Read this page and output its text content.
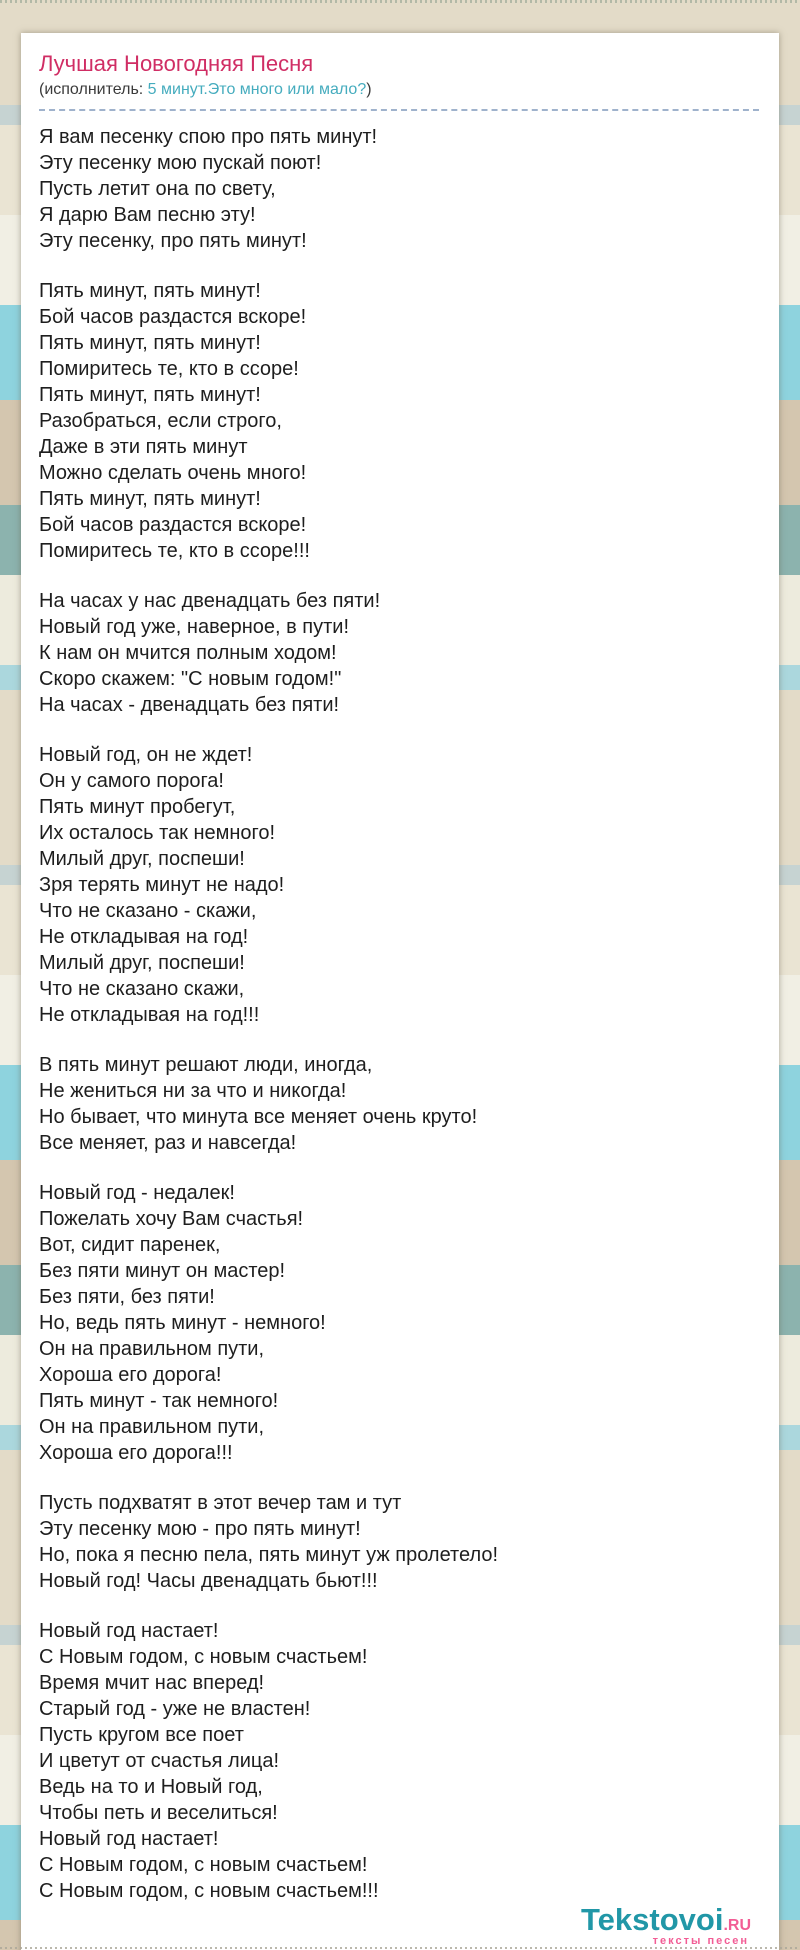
Лучшая Новогодняя Песня
(исполнитель: 5 минут.Это много или мало?)
Я вам песенку спою про пять минут!
Эту песенку мою пускай поют!
Пусть летит она по свету,
Я дарю Вам песню эту!
Эту песенку, про пять минут!
Пять минут, пять минут!
Бой часов раздастся вскоре!
Пять минут, пять минут!
Помиритесь те, кто в ссоре!
Пять минут, пять минут!
Разобраться, если строго,
Даже в эти пять минут
Можно сделать очень много!
Пять минут, пять минут!
Бой часов раздастся вскоре!
Помиритесь те, кто в ссоре!!!
На часах у нас двенадцать без пяти!
Новый год уже, наверное, в пути!
К нам он мчится полным ходом!
Скоро скажем: "С новым годом!"
На часах - двенадцать без пяти!
Новый год, он не ждет!
Он у самого порога!
Пять минут пробегут,
Их осталось так немного!
Милый друг, поспеши!
Зря терять минут не надо!
Что не сказано - скажи,
Не откладывая на год!
Милый друг, поспеши!
Что не сказано скажи,
Не откладывая на год!!!
В пять минут решают люди, иногда,
Не жениться ни за что и никогда!
Но бывает, что минута все меняет очень круто!
Все меняет, раз и навсегда!
Новый год - недалек!
Пожелать хочу Вам счастья!
Вот, сидит паренек,
Без пяти минут он мастер!
Без пяти, без пяти!
Но, ведь пять минут - немного!
Он на правильном пути,
Хороша его дорога!
Пять минут - так немного!
Он на правильном пути,
Хороша его дорога!!!
Пусть подхватят в этот вечер там и тут
Эту песенку мою - про пять минут!
Но, пока я песню пела, пять минут уж пролетело!
Новый год! Часы двенадцать бьют!!!
Новый год настает!
С Новым годом, с новым счастьем!
Время мчит нас вперед!
Старый год - уже не властен!
Пусть кругом все поет
И цветут от счастья лица!
Ведь на то и Новый год,
Чтобы петь и веселиться!
Новый год настает!
С Новым годом, с новым счастьем!
С Новым годом, с новым счастьем!!!
Tekstovoi.RU
тексты песен
